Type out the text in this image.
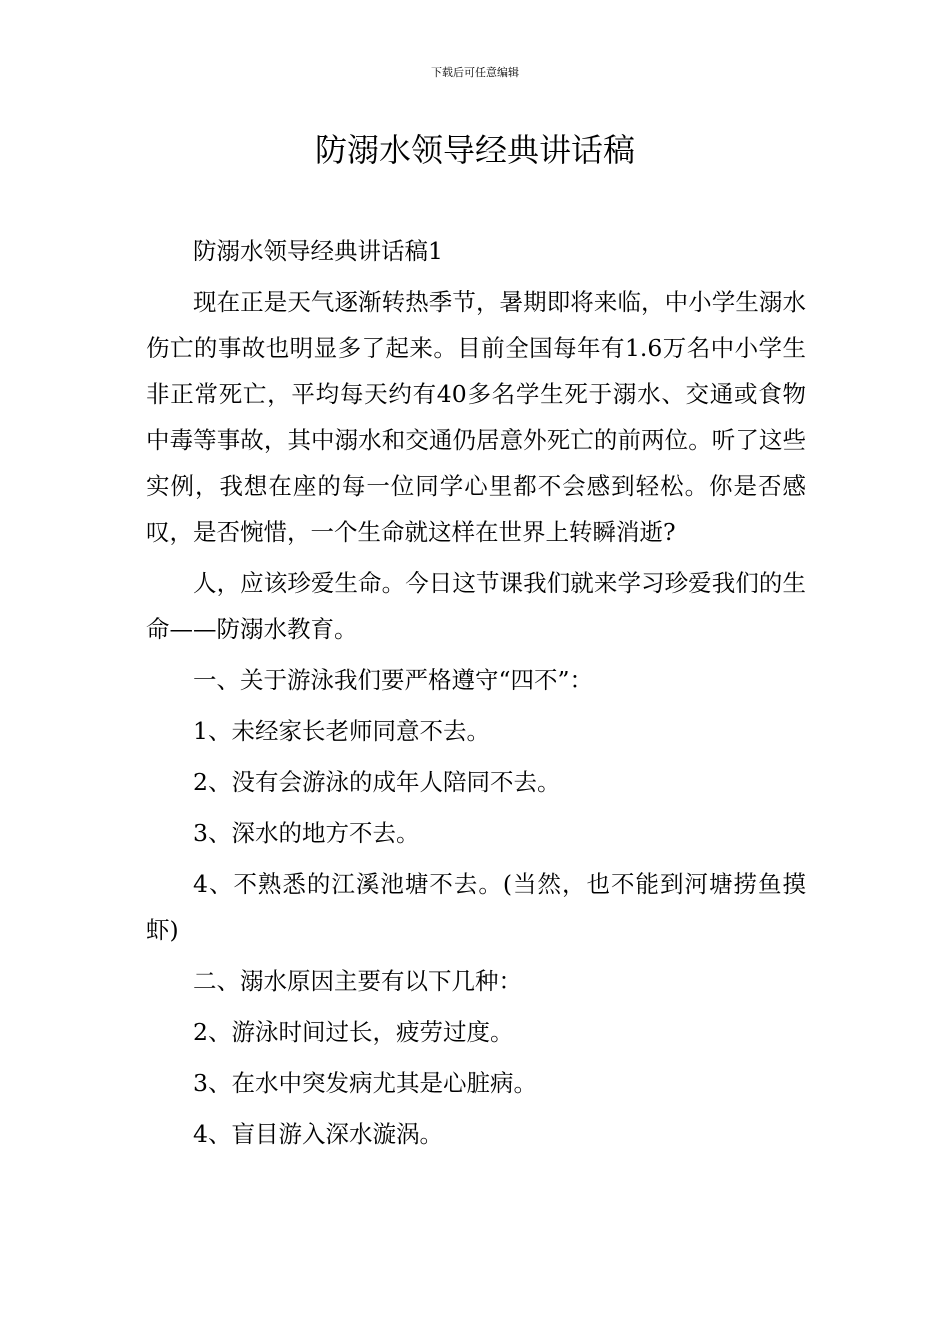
下载后可任意编辑
防溺水领导经典讲话稿

防溺水领导经典讲话稿1

现在正是天气逐渐转热季节，暑期即将来临，中小学生溺水伤亡的事故也明显多了起来。目前全国每年有1.6万名中小学生非正常死亡，平均每天约有40多名学生死于溺水、交通或食物中毒等事故，其中溺水和交通仍居意外死亡的前两位。听了这些实例，我想在座的每一位同学心里都不会感到轻松。你是否感叹，是否惋惜，一个生命就这样在世界上转瞬消逝?

人，应该珍爱生命。今日这节课我们就来学习珍爱我们的生命——防溺水教育。

一、关于游泳我们要严格遵守“四不”：

1、未经家长老师同意不去。

2、没有会游泳的成年人陪同不去。

3、深水的地方不去。

4、不熟悉的江溪池塘不去。(当然，也不能到河塘捞鱼摸虾)

二、溺水原因主要有以下几种：

2、游泳时间过长，疲劳过度。

3、在水中突发病尤其是心脏病。

4、盲目游入深水漩涡。
